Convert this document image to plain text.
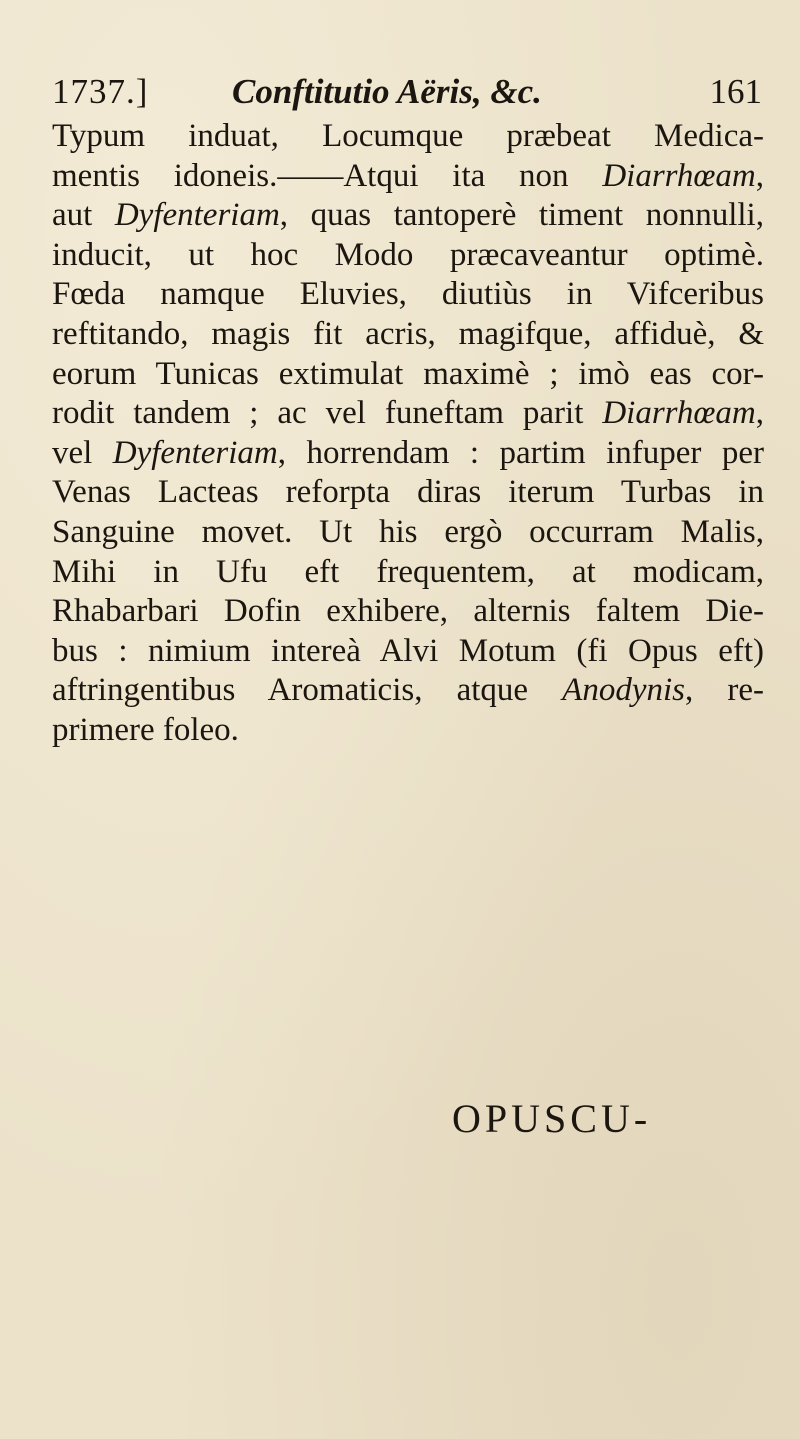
1737.] Conftitutio Aëris, &c.	161
Typum induat, Locumque præbeat Medica-
mentis idoneis.——Atqui ita non Diarrhœam,
aut Dyfenteriam, quas tantoperè timent nonnulli,
inducit, ut hoc Modo præcaveantur optimè.
Fœda namque Eluvies, diutiùs in Vifceribus
reftitando, magis fit acris, magifque, affiduè, &
eorum Tunicas extimulat maximè ; imò eas cor-
rodit tandem ; ac vel funeftam parit Diarrhœam,
vel Dyfenteriam, horrendam : partim infuper per
Venas Lacteas reforpta diras iterum Turbas in
Sanguine movet. Ut his ergò occurram Malis,
Mihi in Ufu eft frequentem, at modicam,
Rhabarbari Dofin exhibere, alternis faltem Die-
bus : nimium intereà Alvi Motum (fi Opus eft)
aftringentibus Aromaticis, atque Anodynis, re-
primere foleo.
OPUSCU-
